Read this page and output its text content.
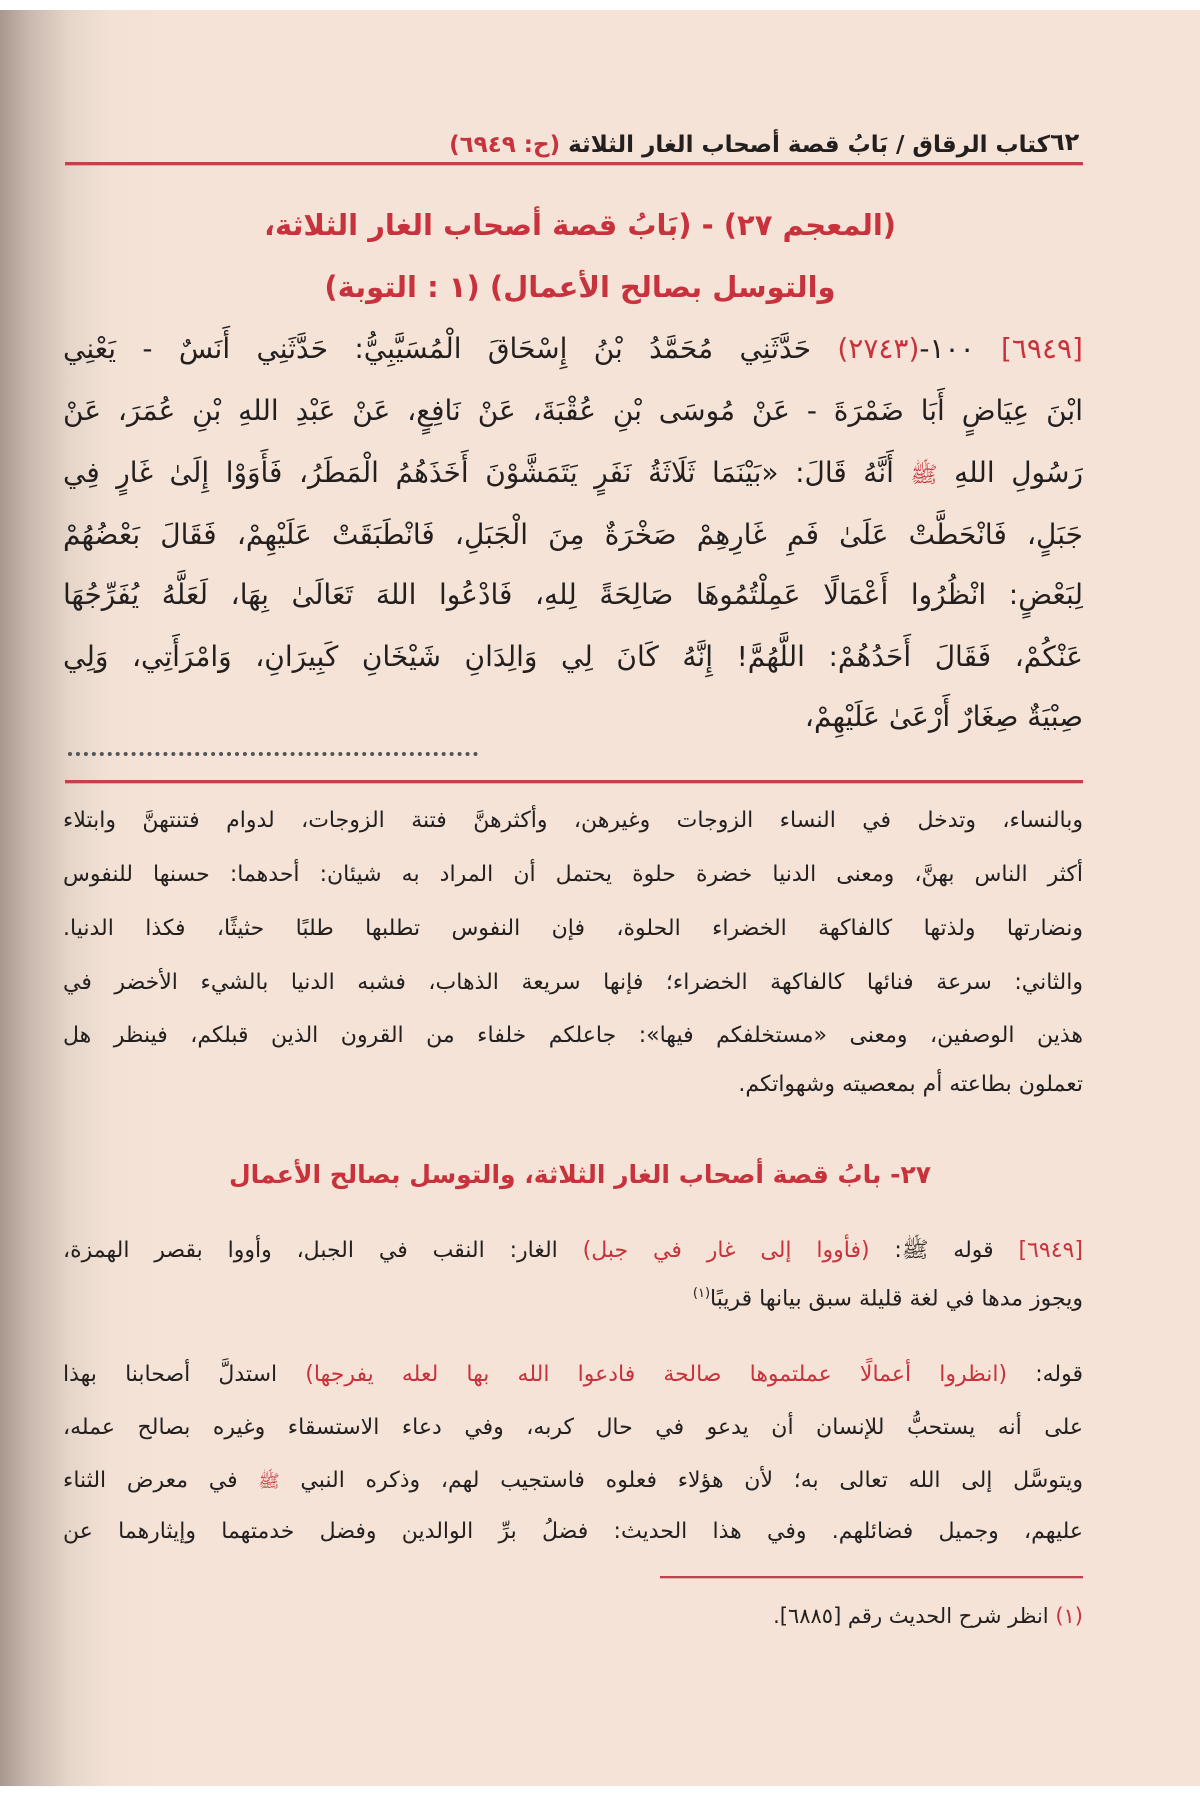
٦٢
كتاب الرقاق / بَابُ قصة أصحاب الغار الثلاثة (ح: ٦٩٤٩)
(المعجم ٢٧) - (بَابُ قصة أصحاب الغار الثلاثة،
والتوسل بصالح الأعمال) (١ : التوبة)
[٦٩٤٩] ١٠٠-(٢٧٤٣) حَدَّثَنِي مُحَمَّدُ بْنُ إِسْحَاقَ الْمُسَيَّبِيُّ: حَدَّثَنِي أَنَسٌ - يَعْنِي
ابْنَ عِيَاضٍ أَبَا ضَمْرَةَ - عَنْ مُوسَى بْنِ عُقْبَةَ، عَنْ نَافِعٍ، عَنْ عَبْدِ اللهِ بْنِ عُمَرَ، عَنْ
رَسُولِ اللهِ ﷺ أَنَّهُ قَالَ: «بَيْنَمَا ثَلَاثَةُ نَفَرٍ يَتَمَشَّوْنَ أَخَذَهُمُ الْمَطَرُ، فَأَوَوْا إِلَىٰ غَارٍ فِي
جَبَلٍ، فَانْحَطَّتْ عَلَىٰ فَمِ غَارِهِمْ صَخْرَةٌ مِنَ الْجَبَلِ، فَانْطَبَقَتْ عَلَيْهِمْ، فَقَالَ بَعْضُهُمْ
لِبَعْضٍ: انْظُرُوا أَعْمَالًا عَمِلْتُمُوهَا صَالِحَةً لِلهِ، فَادْعُوا اللهَ تَعَالَىٰ بِهَا، لَعَلَّهُ يُفَرِّجُهَا
عَنْكُمْ، فَقَالَ أَحَدُهُمْ: اللَّهُمَّ! إِنَّهُ كَانَ لِي وَالِدَانِ شَيْخَانِ كَبِيرَانِ، وَامْرَأَتِي، وَلِي
صِبْيَةٌ صِغَارٌ أَرْعَىٰ عَلَيْهِمْ،
وبالنساء، وتدخل في النساء الزوجات وغيرهن، وأكثرهنَّ فتنة الزوجات، لدوام فتنتهنَّ وابتلاء
أكثر الناس بهنَّ، ومعنى الدنيا خضرة حلوة يحتمل أن المراد به شيئان: أحدهما: حسنها للنفوس
ونضارتها ولذتها كالفاكهة الخضراء الحلوة، فإن النفوس تطلبها طلبًا حثيثًا، فكذا الدنيا.
والثاني: سرعة فنائها كالفاكهة الخضراء؛ فإنها سريعة الذهاب، فشبه الدنيا بالشيء الأخضر في
هذين الوصفين، ومعنى «مستخلفكم فيها»: جاعلكم خلفاء من القرون الذين قبلكم، فينظر هل
تعملون بطاعته أم بمعصيته وشهواتكم.
٢٧- بابُ قصة أصحاب الغار الثلاثة، والتوسل بصالح الأعمال
[٦٩٤٩] قوله ﷺ: (فأووا إلى غار في جبل) الغار: النقب في الجبل، وأووا بقصر الهمزة،
ويجوز مدها في لغة قليلة سبق بيانها قريبًا$^{(١)}$
قوله: (انظروا أعمالًا عملتموها صالحة فادعوا الله بها لعله يفرجها) استدلَّ أصحابنا بهذا
على أنه يستحبُّ للإنسان أن يدعو في حال كربه، وفي دعاء الاستسقاء وغيره بصالح عمله،
ويتوسَّل إلى الله تعالى به؛ لأن هؤلاء فعلوه فاستجيب لهم، وذكره النبي ﷺ في معرض الثناء
عليهم، وجميل فضائلهم. وفي هذا الحديث: فضلُ برِّ الوالدين وفضل خدمتهما وإيثارهما عن
(١) انظر شرح الحديث رقم [٦٨٨٥].
